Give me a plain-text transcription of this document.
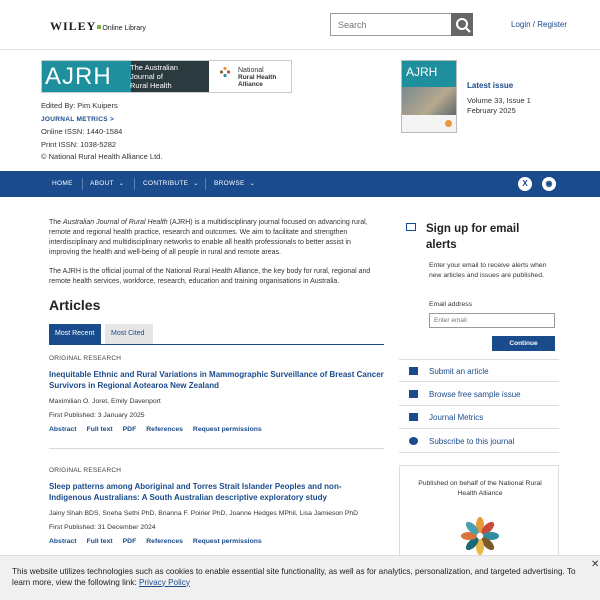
WILEY Online Library
Search	Login / Register
AJRH The Australian
Journal of
Rural Health
National
Rural Health
Alliance
Edited By: Pim Kuipers
JOURNAL METRICS >
Online ISSN: 1440-1584
Print ISSN: 1038-5282
© National Rural Health Alliance Ltd.
AJRH
Latest issue
Volume 33, Issue 1
February 2025
HOME	ABOUT ⌄	CONTRIBUTE ⌄ BROWSE ⌄	X	◉
The Australian Journal of Rural Health (AJRH) is a multidisciplinary journal focused on advancing rural, remote and regional health practice, research and outcomes. We aim to facilitate and strengthen interdisciplinary and multidisciplinary networks to enable all health professionals to better assist in improving the health and well-being of all people in rural and remote areas.
The AJRH is the official journal of the National Rural Health Alliance, the key body for rural, regional and remote health services, workforce, research, education and training organisations in Australia.
Articles
Most Recent	Most Cited
ORIGINAL RESEARCH
Inequitable Ethnic and Rural Variations in Mammographic Surveillance of Breast Cancer Survivors in Regional Aotearoa New Zealand
Maximilian O. Joret, Emily Davenport
First Published: 3 January 2025
Abstract Full text PDF References Request permissions
ORIGINAL RESEARCH
Sleep patterns among Aboriginal and Torres Strait Islander Peoples and non-Indigenous Australians: A South Australian descriptive exploratory study
Jainy Shah BDS, Sneha Sethi PhD, Brianna F. Poirier PhD, Joanne Hedges MPhil, Lisa Jamieson PhD
First Published: 31 December 2024
Abstract Full text PDF References Request permissions
Sign up for email alerts
Enter your email to receive alerts when new articles and issues are published.
Email address
Enter email
Continue
Submit an article
Browse free sample issue
Journal Metrics
Subscribe to this journal
Published on behalf of the National Rural Health Alliance
This website utilizes technologies such as cookies to enable essential site functionality, as well as for analytics, personalization, and targeted advertising. To learn more, view the following link: Privacy Policy
✕
